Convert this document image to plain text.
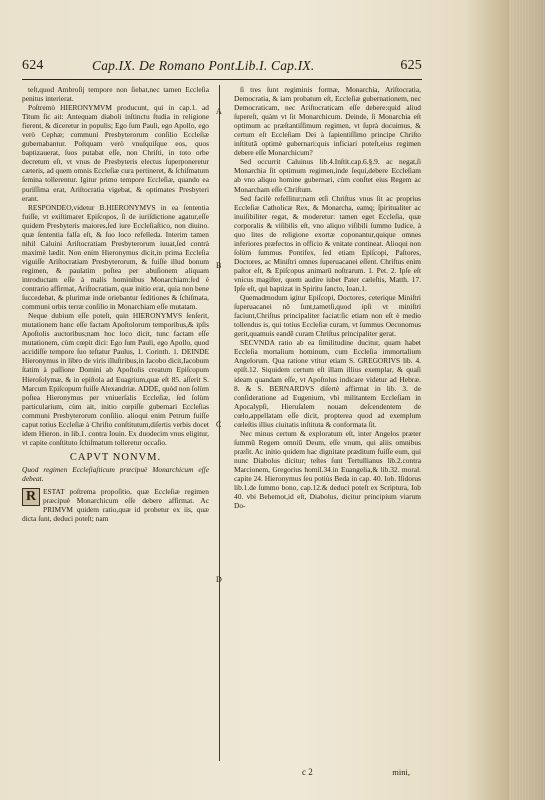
624	Cap.IX. De Romano Pont.
Lib.I. Cap.IX.	625

teſt,quod Ambroſij tempore non ſiebat,nec tamen Eccleſia penitus interierat.

Poſtremò HIERONYMVM producunt, qui in cap.1. ad Titum ſic ait: Antequam diaboli inſtinctu ſtudia in religione fierent, & diceretur in populis; Ego ſum Pauli, ego Apollo, ego verò Cephæ; communi Presbyterorum conſilio Eccleſiæ gubernabantur. Poſtquam verò vnuſquiſque eos, quos baptizauerat, ſuos putabat eſſe, non Chriſti, in toto orbe decretum eſt, vt vnus de Presbyteris electus ſuperponeretur cæteris, ad quem omnis Eccleſiæ cura pertineret, & ſchiſmatum ſemina tollerentur. Igitur primo tempore Eccleſiæ, quando ea puriſſima erat, Ariſtocratia vigebat, & optimates Presbyteri erant.

RESPONDEO,videtur B.HIERONYMVS in ea ſententia fuiſſe, vt exiſtimaret Epiſcopos, ſi de iuriſdictione agatur,eſſe quidem Presbyteris maiores,ſed iure Eccleſiaſtico, non diuino. quæ ſententia falſa eſt, & ſuo loco refelleda. Interim tamen nihil Caluini Ariſtocratiam Presbyterorum iuuat,ſed contrà maximè lædit. Non enim Hieronymus dicit,in prima Eccleſia viguiſſe Ariſtocratiam Presbyterorum, & fuiſſe illud bonum regimen, & paulatim poſtea per abuſionem aliquam introductam eſſe à malis hominibus Monarchiam:ſed è contrario affirmat, Ariſtocratiam, quæ initio erat, quia non bene ſuccedebat, & plurimæ inde oriebantur ſeditiones & ſchiſmata, communi orbis terræ conſilio in Monarchiam eſſe mutatam.

Neque dubium eſſe poteſt, quin HIERONYMVS ſenſerit, mutationem hanc eſſe factam Apoſtolorum temporibus,& ipſis Apoſtolis auctoribus;nam hoc loco dicit, tunc factam eſſe mutationem, cùm cœpit dici: Ego ſum Pauli, ego Apollo, quod accidiſſe tempore ſuo teſtatur Paulus, 1. Corinth. 1. DEINDE Hieronymus in libro de viris illuſtribus,in Iacobo dicit,Iacobum ſtatim à paſſione Domini ab Apoſtolis creatum Epiſcopum Hieroſolymæ, & in epiſtola ad Euagrium,quæ eſt 85. aſſerit S. Marcum Epiſcopum fuiſſe Alexandriæ. ADDE, quòd non ſolùm poſtea Hieronymus per vniuerſalis Eccleſiæ, ſed ſolùm particularium, cùm ait, initio cœpiſſe gubernari Eccleſias communi Presbyterorum conſilio. alioqui enim Petrum fuiſſe caput totius Eccleſiæ à Chriſto conſtitutum,diſertis verbis docet idem Hieron. in lib.1. contra Iouin. Ex duodecim vnus eligitur, vt capite conſtituto ſchiſmatum tolleretur occaſio.

CAPVT NONVM.

Quod regimen Eccleſiaſticum præcipuè Monarchicum eſſe debeat.

R ESTAT poſtrema propoſitio, quæ Eccleſiæ regimen præcipuè Monarchicum eſſe debere affirmat. Ac PRIMVM quidem ratio,quæ id probetur ex iis, quæ dicta ſunt, deduci poteſt; nam

A
B
C
D

ſi tres ſunt regiminis formæ, Monarchia, Ariſtocratia, Democratia, & iam probatum eſt, Eccleſiæ gubernationem, nec Democraticam, nec Ariſtocraticam eſſe debere:quid aliud ſupereſt, quàm vt ſit Monarchicum. Deinde, ſi Monarchia eſt optimum ac præſtantiſſimum regimen, vt ſuprà docuimus, & certum eſt Eccleſiam Dei à ſapientiſſimo principe Chriſto inſtitutā optimè gubernari:quis inficiari poteſt,eius regimen debere eſſe Monarchicum?

Sed occurrit Caluinus lib.4.Inſtit.cap.6.§.9. ac negat,ſi Monarchia ſit optimum regimen,inde ſequi,debere Eccleſiam ab vno aliquo homine gubernari, cùm conſtet eius Regem ac Monarcham eſſe Chriſtum.

Sed facilè refellitur;nam etſi Chriſtus vnus ſit ac proprius Eccleſiæ Catholicæ Rex, & Monarcha, eamq; ſpiritualiter ac inuiſibiliter regat, & moderetur: tamen eget Eccleſia, quæ corporalis & viſibilis eſt, vno aliquo viſibili ſummo Iudice, à quo lites de religione exortæ coponantur,quique omnes inferiores præfectos in officio & vnitate contineat. Alioqui non ſolùm ſummus Pontifex, ſed etiam Epiſcopi, Paſtores, Doctores, ac Miniſtri omnes ſuperuacanei eſſent. Chriſtus enim paſtor eſt, & Epiſcopus animarū noſtrarum. 1. Pet. 2. Ipſe eſt vnicus magiſter, quem audire iubet Pater cæleſtis, Matth. 17. Ipſe eſt, qui baptizat in Spiritu ſancto, Ioan.1.

Quemadmodum igitur Epiſcopi, Doctores, ceterique Miniſtri ſuperuacanei nō ſunt,tametſi,quod ipſi vt miniſtri faciunt,Chriſtus principaliter faciat:ſic etiam non eſt è medio tollendus is, qui totius Eccleſiæ curam, vt ſummus Oeconomus gerit,quamuis eandē curam Chriſtus principaliter gerat.

SECVNDA ratio ab ea ſimilitudine ducitur, quam habet Eccleſia mortalium hominum, cum Eccleſia immortalium Angelorum. Qua ratione vtitur etiam S. GREGORIVS lib. 4. epiſt.12. Siquidem certum eſt illam illius exemplar, & quaſi ideam quandam eſſe, vt Apoſtolus indicare videtur ad Hebræ. 8. & S. BERNARDVS diſertè affirmat in lib. 3. de conſideratione ad Eugenium, vbi militantem Eccleſiam in Apocalypſi, Hieruſalem nouam deſcendentem de cœlo,appellatam eſſe dicit, propterea quod ad exemplum cœleſtis illius ciuitatis inſtituta & conformata ſit.

Nec minus certum & exploratum eſt, inter Angelos præter ſummū Regem omniū Deum, eſſe vnum, qui aliis omnibus præſit. Ac initio quidem hac dignitate præditum fuiſſe eum, qui nunc Diabolus dicitur; teſtes ſunt Tertullianus lib.2.contra Marcionem, Gregorius homil.34.in Euangelia,& lib.32. moral. capite 24. Hieronymus ſeu potiùs Beda in cap. 40. Iob. Iſidorus lib.1.de ſummo bono, cap.12.& deduci poteſt ex Scriptura, Iob 40. vbi Behemot,id eſt, Diabolus, dicitur principium viarum Do-

c 2	mini,
